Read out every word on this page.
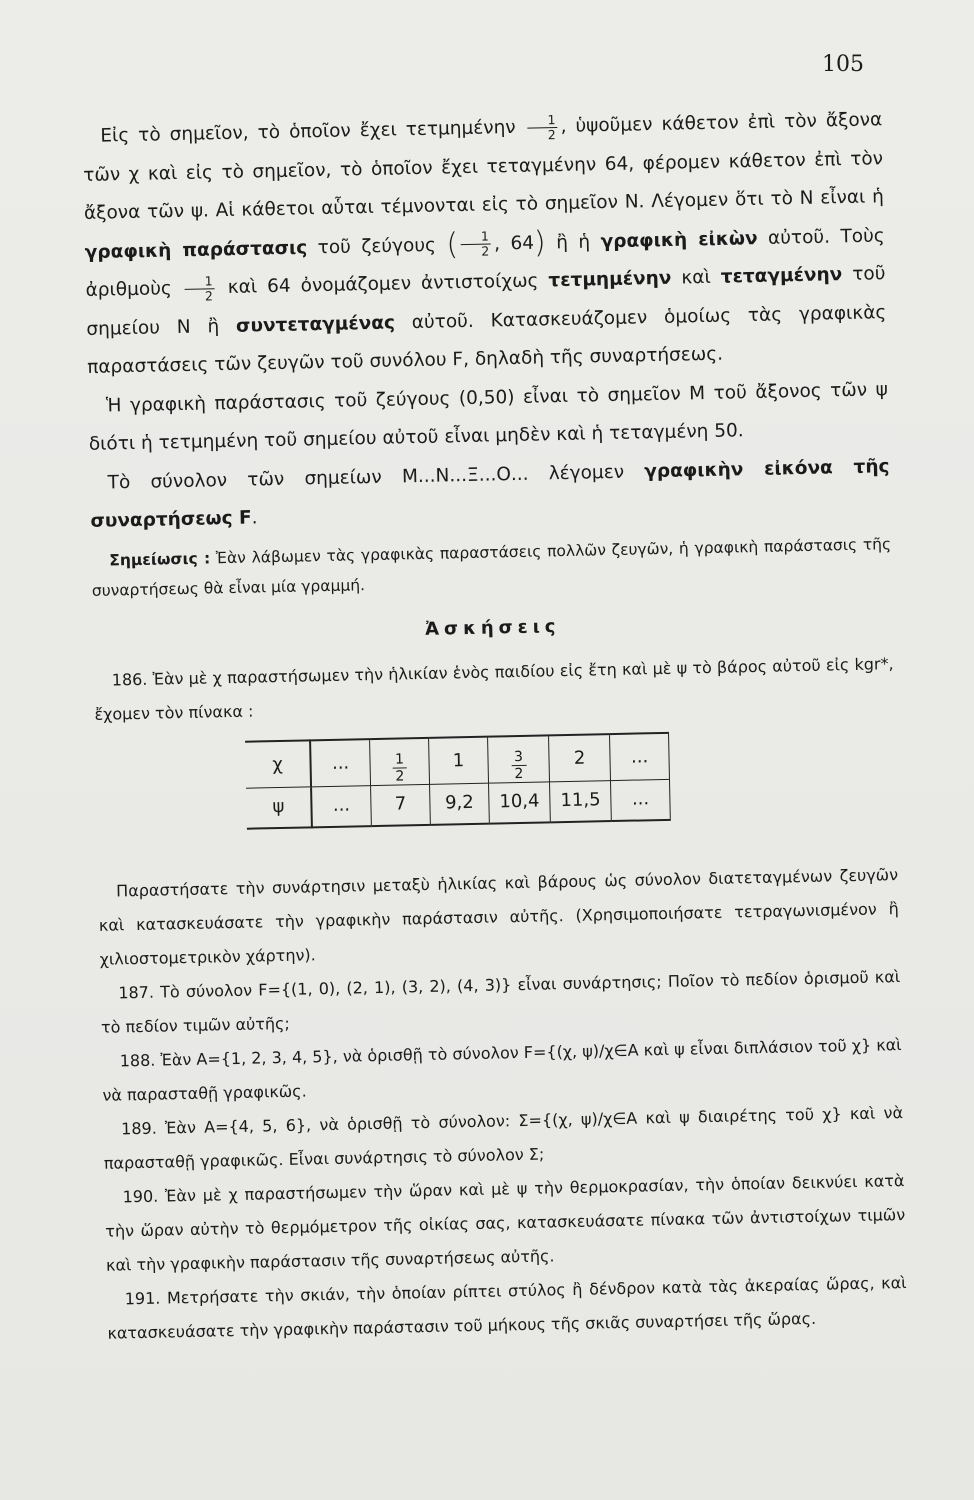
105

Εἰς τὸ σημεῖον, τὸ ὁποῖον ἔχει τετμημένην $\frac{1}{2}$ , ὑψοῦμεν κάθετον ἐπὶ τὸν ἄξονα τῶν χ καὶ εἰς τὸ σημεῖον, τὸ ὁποῖον ἔχει τεταγμένην 64, φέρομεν κάθετον ἐπὶ τὸν ἄξονα τῶν ψ. Αἱ κάθετοι αὗται τέμνονται εἰς τὸ σημεῖον Ν. Λέγομεν ὅτι τὸ Ν εἶναι ἡ γραφικὴ παράστασις τοῦ ζεύγους ( $\frac{1}{2}$ , 64) ἢ ἡ γραφικὴ εἰκὼν αὐτοῦ. Τοὺς ἀριθμοὺς $\frac{1}{2}$ καὶ 64 ὀνομάζομεν ἀντιστοίχως τετμημένην καὶ τεταγμένην τοῦ σημείου Ν ἢ συντεταγμένας αὐτοῦ. Κατασκευάζομεν ὁμοίως τὰς γραφικὰς παραστάσεις τῶν ζευγῶν τοῦ συνόλου F, δηλαδὴ τῆς συναρτήσεως.

Ἡ γραφικὴ παράστασις τοῦ ζεύγους (0,50) εἶναι τὸ σημεῖον Μ τοῦ ἄξονος τῶν ψ διότι ἡ τετμημένη τοῦ σημείου αὐτοῦ εἶναι μηδὲν καὶ ἡ τεταγμένη 50.

Τὸ σύνολον τῶν σημείων Μ...Ν...Ξ...Ο... λέγομεν γραφικὴν εἰκόνα τῆς συναρτήσεως F.

Σημείωσις : Ἐὰν λάβωμεν τὰς γραφικὰς παραστάσεις πολλῶν ζευγῶν, ἡ γραφικὴ παράστασις τῆς συναρτήσεως θὰ εἶναι μία γραμμή.

Ἀσκήσεις

186. Ἐὰν μὲ χ παραστήσωμεν τὴν ἡλικίαν ἑνὸς παιδίου εἰς ἔτη καὶ μὲ ψ τὸ βάρος αὐτοῦ εἰς kgr*, ἔχομεν τὸν πίνακα :

χ	...	$\frac{1}{2}$	1	$\frac{3}{2}$	2	...
ψ	...	7	9,2	10,4	11,5	...

Παραστήσατε τὴν συνάρτησιν μεταξὺ ἡλικίας καὶ βάρους ὡς σύνολον διατεταγμένων ζευγῶν καὶ κατασκευάσατε τὴν γραφικὴν παράστασιν αὐτῆς. (Χρησιμοποιήσατε τετραγωνισμένον ἢ χιλιοστομετρικὸν χάρτην).

187. Τὸ σύνολον F={(1, 0), (2, 1), (3, 2), (4, 3)} εἶναι συνάρτησις; Ποῖον τὸ πεδίον ὁρισμοῦ καὶ τὸ πεδίον τιμῶν αὐτῆς;

188. Ἐὰν Α={1, 2, 3, 4, 5}, νὰ ὁρισθῇ τὸ σύνολον F={(χ, ψ)/χ∈Α καὶ ψ εἶναι διπλάσιον τοῦ χ} καὶ νὰ παρασταθῇ γραφικῶς.

189. Ἐὰν Α={4, 5, 6}, νὰ ὁρισθῇ τὸ σύνολον: Σ={(χ, ψ)/χ∈Α καὶ ψ διαιρέτης τοῦ χ} καὶ νὰ παρασταθῇ γραφικῶς. Εἶναι συνάρτησις τὸ σύνολον Σ;

190. Ἐὰν μὲ χ παραστήσωμεν τὴν ὥραν καὶ μὲ ψ τὴν θερμοκρασίαν, τὴν ὁποίαν δεικνύει κατὰ τὴν ὥραν αὐτὴν τὸ θερμόμετρον τῆς οἰκίας σας, κατασκευάσατε πίνακα τῶν ἀντιστοίχων τιμῶν καὶ τὴν γραφικὴν παράστασιν τῆς συναρτήσεως αὐτῆς.

191. Μετρήσατε τὴν σκιάν, τὴν ὁποίαν ρίπτει στύλος ἢ δένδρον κατὰ τὰς ἀκεραίας ὥρας, καὶ κατασκευάσατε τὴν γραφικὴν παράστασιν τοῦ μήκους τῆς σκιᾶς συναρτήσει τῆς ὥρας.
